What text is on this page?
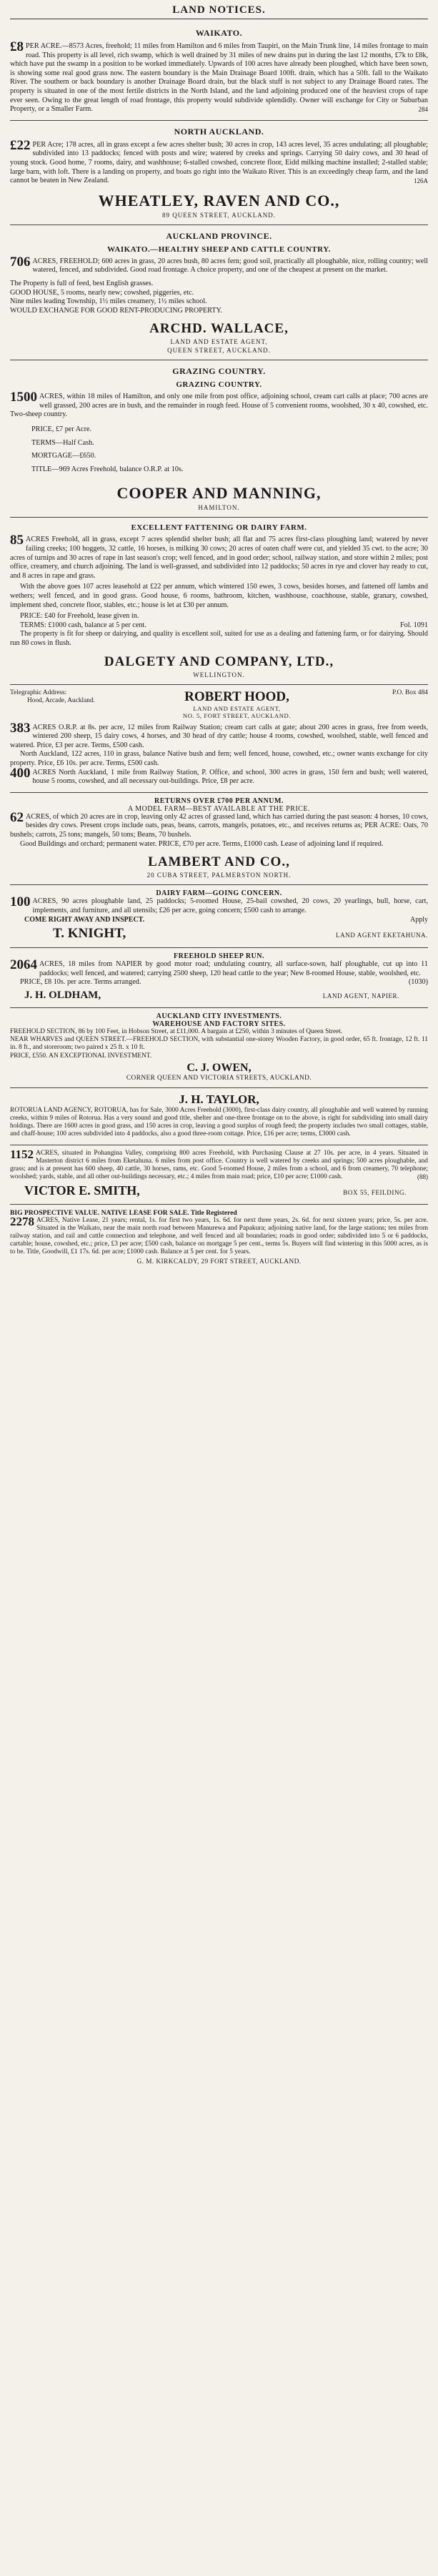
LAND NOTICES.
WAIKATO.
£8 PER ACRE.—8573 Acres, freehold; 11 miles from Hamilton and 6 miles from Taupiri, on the Main Trunk line, 14 miles frontage to main road. This property is all level, rich swamp, which is well drained by 31 miles of new drains put in during the last 12 months, £7k to £8k, which have put the swamp in a position to be worked immediately. Upwards of 100 acres have already been ploughed, which have been sown, is showing some real good grass now. The eastern boundary is the Main Drainage Board 100ft. drain, which has a 50ft. fall to the Waikato River. The southern or back boundary is another Drainage Board drain, but the black stuff is not subject to any Drainage Board rates. The property is situated in one of the most fertile districts in the North Island, and the land adjoining produced one of the heaviest crops of rape ever seen. Owing to the great length of road frontage, this property would subdivide splendidly. Owner will exchange for City or Suburban Property, or a Smaller Farm.	284
NORTH AUCKLAND.
£22 PER Acre; 178 acres, all in grass except a few acres shelter bush; 30 acres in crop, 143 acres level, 35 acres undulating; all ploughable; subdivided into 13 paddocks; fenced with posts and wire; watered by creeks and springs. Carrying 50 dairy cows, and 30 head of young stock. Good home, 7 rooms, dairy, and washhouse; 6-stalled cowshed, concrete floor, Eidd milking machine installed; 2-stalled stable; large barn, with loft. There is a landing on property, and boats go right into the Waikato River. This is an exceedingly cheap farm, and the land cannot be beaten in New Zealand.	126A
WHEATLEY, RAVEN AND CO.,
89 QUEEN STREET, AUCKLAND.
AUCKLAND PROVINCE.
WAIKATO.—HEALTHY SHEEP AND CATTLE COUNTRY.
706 ACRES, FREEHOLD; 600 acres in grass, 20 acres bush, 80 acres fern; good soil, practically all ploughable, nice, rolling country; well watered, fenced, and subdivided. Good road frontage. A choice property, and one of the cheapest at present on the market.
The Property is full of feed, best English grasses.
GOOD HOUSE, 5 rooms, nearly new; cowshed, piggeries, etc.
Nine miles leading Township, 1½ miles creamery, 1½ miles school.
WOULD EXCHANGE FOR GOOD RENT-PRODUCING PROPERTY.
ARCHD. WALLACE,
LAND AND ESTATE AGENT,
QUEEN STREET, AUCKLAND.
GRAZING COUNTRY.
GRAZING COUNTRY.
1500 ACRES, within 18 miles of Hamilton, and only one mile from post office, adjoining school, cream cart calls at place; 700 acres are well grassed, 200 acres are in bush, and the remainder in rough feed. House of 5 convenient rooms, woolshed, 30 x 40, cowshed, etc. Two-sheep country.
PRICE, £7 per Acre.
TERMS—Half Cash.
MORTGAGE—£650.
TITLE—969 Acres Freehold, balance O.R.P. at 10s.
COOPER AND MANNING,
HAMILTON.
EXCELLENT FATTENING OR DAIRY FARM.
85 ACRES Freehold, all in grass, except 7 acres splendid shelter bush; all flat and 75 acres first-class ploughing land; watered by never failing creeks; 100 hoggets, 32 cattle, 16 horses, is milking 30 cows; 20 acres of oaten chaff were cut, and yielded 35 cwt. to the acre; 30 acres of turnips and 30 acres of rape in last season's crop; well fenced, and in good order; school, railway station, and store within 2 miles; post office, creamery, and church adjoining. The land is well-grassed, and subdivided into 12 paddocks; 50 acres in rye and clover hay ready to cut, and 8 acres in rape and grass.
With the above goes 107 acres leasehold at £22 per annum, which wintered 150 ewes, 3 cows, besides horses, and fattened off lambs and wethers; well fenced, and in good grass. Good house, 6 rooms, bathroom, kitchen, washhouse, coachhouse, stable, granary, cowshed, implement shed, concrete floor, stables, etc.; house is let at £30 per annum.
PRICE: £40 for Freehold, lease given in.
TERMS: £1000 cash, balance at 5 per cent.	Fol. 1091
The property is fit for sheep or dairying, and quality is excellent soil, suited for use as a dealing and fattening farm, or for dairying. Should run 80 cows in flush.
DALGETY AND COMPANY, LTD.,
WELLINGTON.
Telegraphic Address:
Hood, Arcade, Auckland.	ROBERT HOOD,
LAND AND ESTATE AGENT,
NO. 5, FORT STREET, AUCKLAND.
P.O. Box 484
383 ACRES O.R.P. at 8s. per acre, 12 miles from Railway Station; cream cart calls at gate; about 200 acres in grass, free from weeds, wintered 200 sheep, 15 dairy cows, 4 horses, and 30 head of dry cattle; house 4 rooms, cowshed, woolshed, stable, well fenced and watered. Price, £3 per acre. Terms, £500 cash.
North Auckland, 122 acres, 110 in grass, balance Native bush and fern; well fenced, house, cowshed, etc.; owner wants exchange for city property. Price, £6 10s. per acre. Terms, £500 cash.
400 ACRES North Auckland, 1 mile from Railway Station, P. Office, and school, 300 acres in grass, 150 fern and bush; well watered, house 5 rooms, cowshed, and all necessary out-buildings. Price, £8 per acre.
RETURNS OVER £700 PER ANNUM.
A MODEL FARM—BEST AVAILABLE AT THE PRICE.
62 ACRES, of which 20 acres are in crop, leaving only 42 acres of grassed land, which has carried during the past season: 4 horses, 10 cows, besides dry cows. Present crops include oats, peas, beans, carrots, mangels, potatoes, etc., and receives returns as; PER ACRE: Oats, 70 bushels; carrots, 25 tons; mangels, 50 tons; Beans, 70 bushels.
Good Buildings and orchard; permanent water. PRICE, £70 per acre. Terms, £1000 cash. Lease of adjoining land if required.
LAMBERT AND CO.,
20 CUBA STREET, PALMERSTON NORTH.
DAIRY FARM—GOING CONCERN.
100 ACRES, 90 acres ploughable land, 25 paddocks; 5-roomed House, 25-bail cowshed, 20 cows, 20 yearlings, bull, horse, cart, implements, and furniture, and all utensils; £26 per acre, going concern; £500 cash to arrange.
COME RIGHT AWAY AND INSPECT.	Apply
T. KNIGHT,	LAND AGENT EKETAHUNA.
FREEHOLD SHEEP RUN.
2064 ACRES, 18 miles from NAPIER by good motor road; undulating country, all surface-sown, half ploughable, cut up into 11 paddocks; well fenced, and watered; carrying 2500 sheep, 120 head cattle to the year; New 8-roomed House, stable, woolshed, etc.
PRICE, £8 10s. per acre. Terms arranged.	(1030)
J. H. OLDHAM,	LAND AGENT, NAPIER.
AUCKLAND CITY INVESTMENTS.
WAREHOUSE AND FACTORY SITES.
FREEHOLD SECTION, 86 by 100 Feet, in Hobson Street, at £11,000. A bargain at £250, within 3 minutes of Queen Street.
NEAR WHARVES and QUEEN STREET.—FREEHOLD SECTION, with substantial one-storey Wooden Factory, in good order, 65 ft. frontage, 12 ft. 11 in. 8 ft., and storeroom; two paired x 25 ft. x 10 ft.
PRICE, £550. AN EXCEPTIONAL INVESTMENT.
C. J. OWEN,
CORNER QUEEN AND VICTORIA STREETS, AUCKLAND.
J. H. TAYLOR,
ROTORUA LAND AGENCY, ROTORUA, has for Sale, 3000 Acres Freehold (3000), first-class dairy country, all ploughable and well watered by running creeks, within 9 miles of Rotorua. Has a very sound and good title, shelter and one-three frontage on to the above, is right for subdividing into small dairy holdings. There are 1600 acres in good grass, and 150 acres in crop, leaving a good surplus of rough feed; the property includes two small cottages, stable, and chaff-house; 100 acres subdivided into 4 paddocks, also a good three-room cottage. Price, £16 per acre; terms, £3000 cash.
1152 ACRES, situated in Pohangina Valley, comprising 800 acres Freehold, with Purchasing Clause at 27 10s. per acre, in 4 years. Situated in Masterton district 6 miles from Eketahuna. 6 miles from post office. Country is well watered by creeks and springs; 500 acres ploughable, and grass; and is at present has 600 sheep, 40 cattle, 30 horses, rams, etc. Good 5-roomed House, 2 miles from a school, and 6 from creamery, 70 telephone; woolshed; yards, stable, and all other out-buildings necessary, etc.; 4 miles from main road; price, £10 per acre; £1000 cash.	(88)
VICTOR E. SMITH,	BOX 55, FEILDING.
BIG PROSPECTIVE VALUE. NATIVE LEASE FOR SALE. Title Registered
2278 ACRES, Native Lease, 21 years; rental, 1s. for first two years, 1s. 6d. for next three years, 2s. 6d. for next sixteen years; price, 5s. per acre. Situated in the Waikato, near the main north road between Manurewa and Papakura; adjoining native land, for the large stations; ten miles from railway station, and rail and cattle connection and telephone, and well fenced and all boundaries; roads in good order; subdivided into 5 or 6 paddocks, cartable; house, cowshed, etc.; price, £3 per acre; £500 cash, balance on mortgage 5 per cent., terms 5s. Buyers will find wintering in this 5000 acres, as is to be. Title, Goodwill, £1 17s. 6d. per acre; £1000 cash. Balance at 5 per cent. for 5 years.
G. M. KIRKCALDY, 29 FORT STREET, AUCKLAND.
